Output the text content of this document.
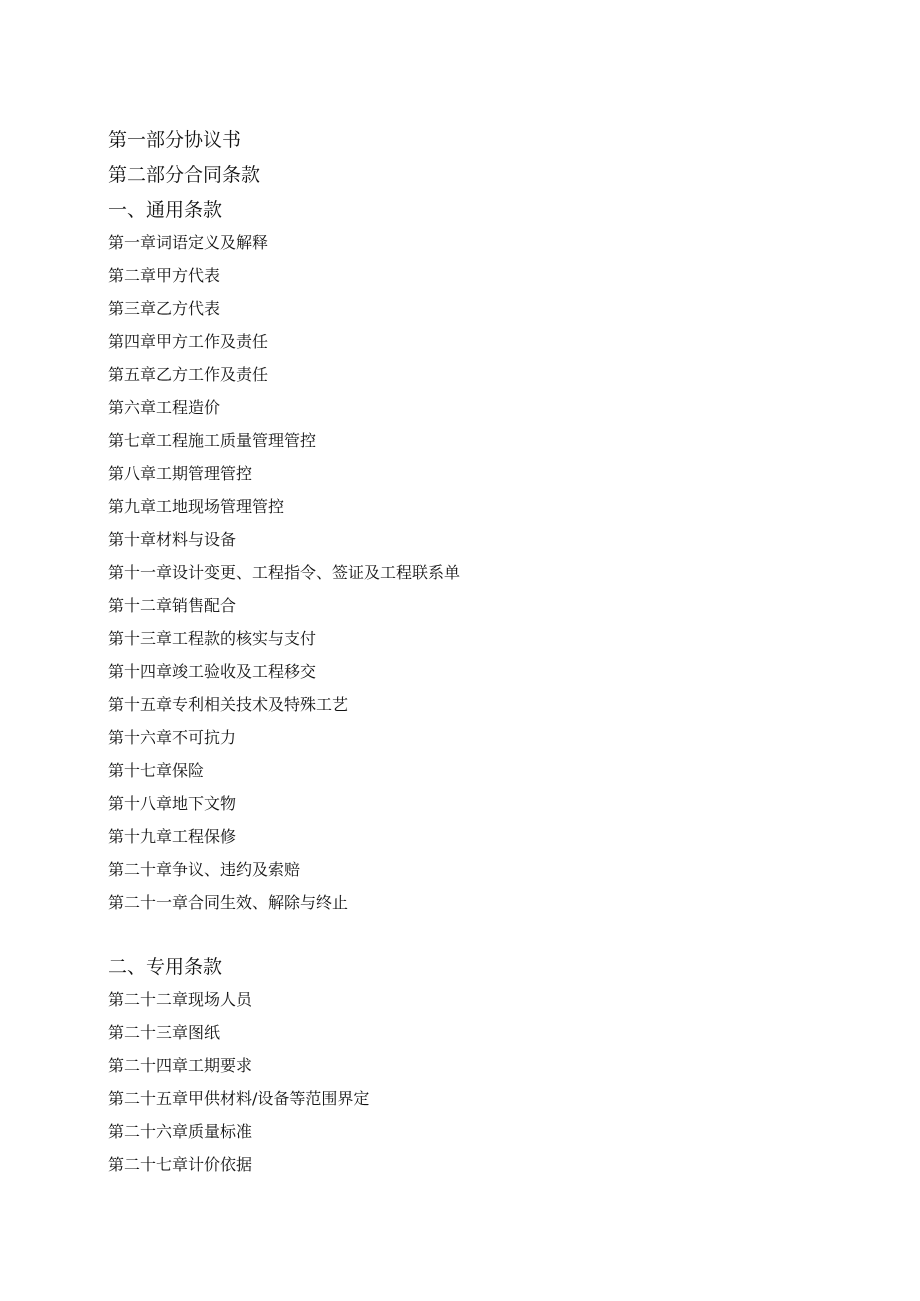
第一部分协议书
第二部分合同条款
一、通用条款
第一章词语定义及解释
第二章甲方代表
第三章乙方代表
第四章甲方工作及责任
第五章乙方工作及责任
第六章工程造价
第七章工程施工质量管理管控
第八章工期管理管控
第九章工地现场管理管控
第十章材料与设备
第十一章设计变更、工程指令、签证及工程联系单
第十二章销售配合
第十三章工程款的核实与支付
第十四章竣工验收及工程移交
第十五章专利相关技术及特殊工艺
第十六章不可抗力
第十七章保险
第十八章地下文物
第十九章工程保修
第二十章争议、违约及索赔
第二十一章合同生效、解除与终止
二、专用条款
第二十二章现场人员
第二十三章图纸
第二十四章工期要求
第二十五章甲供材料/设备等范围界定
第二十六章质量标准
第二十七章计价依据
